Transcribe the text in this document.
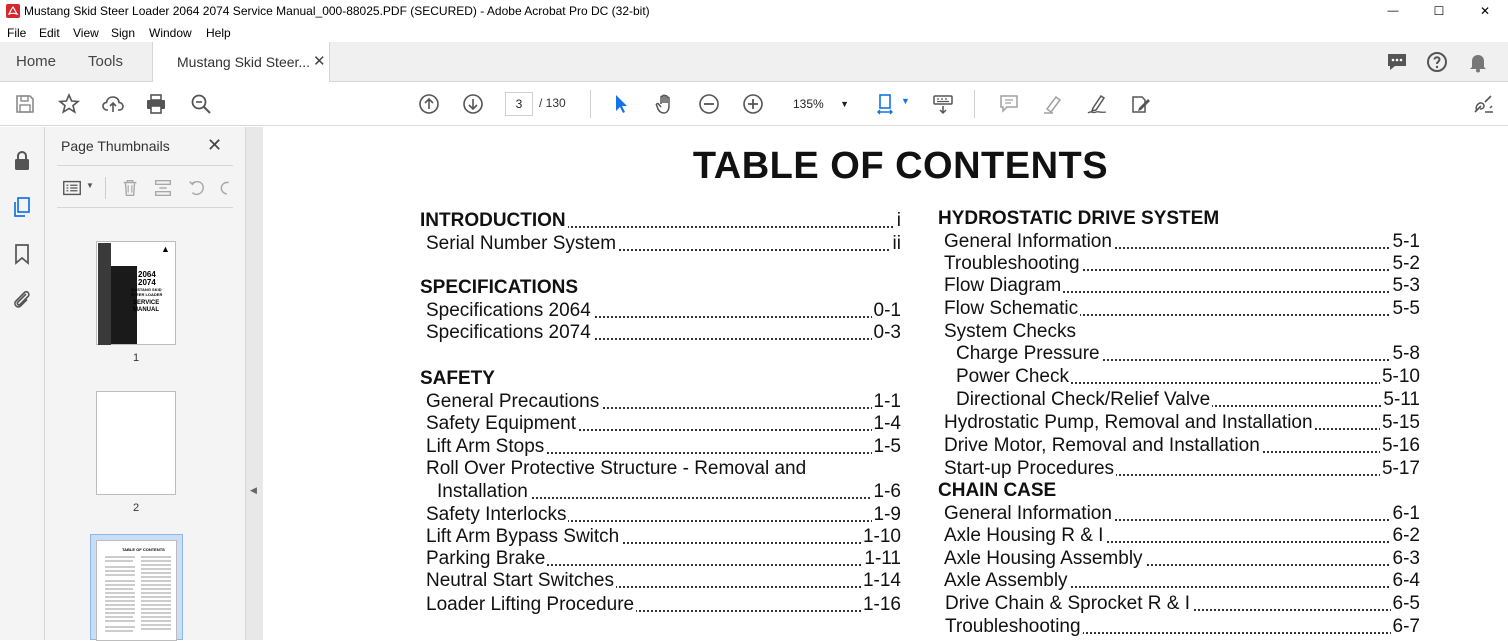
Mustang Skid Steer Loader 2064 2074 Service Manual_000-88025.PDF (SECURED) - Adobe Acrobat Pro DC (32-bit)	—	☐	✕
File Edit View Sign Window Help
Home Tools	Mustang Skid Steer... ✕
3	/ 130	135% ▼	▼
Page Thumbnails ✕
▼
2064
2074
MUSTANG SKID
STEER LOADER
SERVICE
MANUAL
▲
1
2
TABLE OF CONTENTS
◀
TABLE OF CONTENTS
INTRODUCTION	i
Serial Number System	ii
SPECIFICATIONS
Specifications 2064	0-1
Specifications 2074	0-3
SAFETY
General Precautions	1-1
Safety Equipment	1-4
Lift Arm Stops	1-5
Roll Over Protective Structure - Removal and
Installation	1-6
Safety Interlocks	1-9
Lift Arm Bypass Switch	1-10
Parking Brake	1-11
Neutral Start Switches	1-14
Loader Lifting Procedure	1-16
HYDROSTATIC DRIVE SYSTEM
General Information	5-1
Troubleshooting	5-2
Flow Diagram	5-3
Flow Schematic	5-5
System Checks
Charge Pressure	5-8
Power Check	5-10
Directional Check/Relief Valve	5-11
Hydrostatic Pump, Removal and Installation	5-15
Drive Motor, Removal and Installation	5-16
Start-up Procedures	5-17
CHAIN CASE
General Information	6-1
Axle Housing R & I	6-2
Axle Housing Assembly	6-3
Axle Assembly	6-4
Drive Chain & Sprocket R & I	6-5
Troubleshooting	6-7
